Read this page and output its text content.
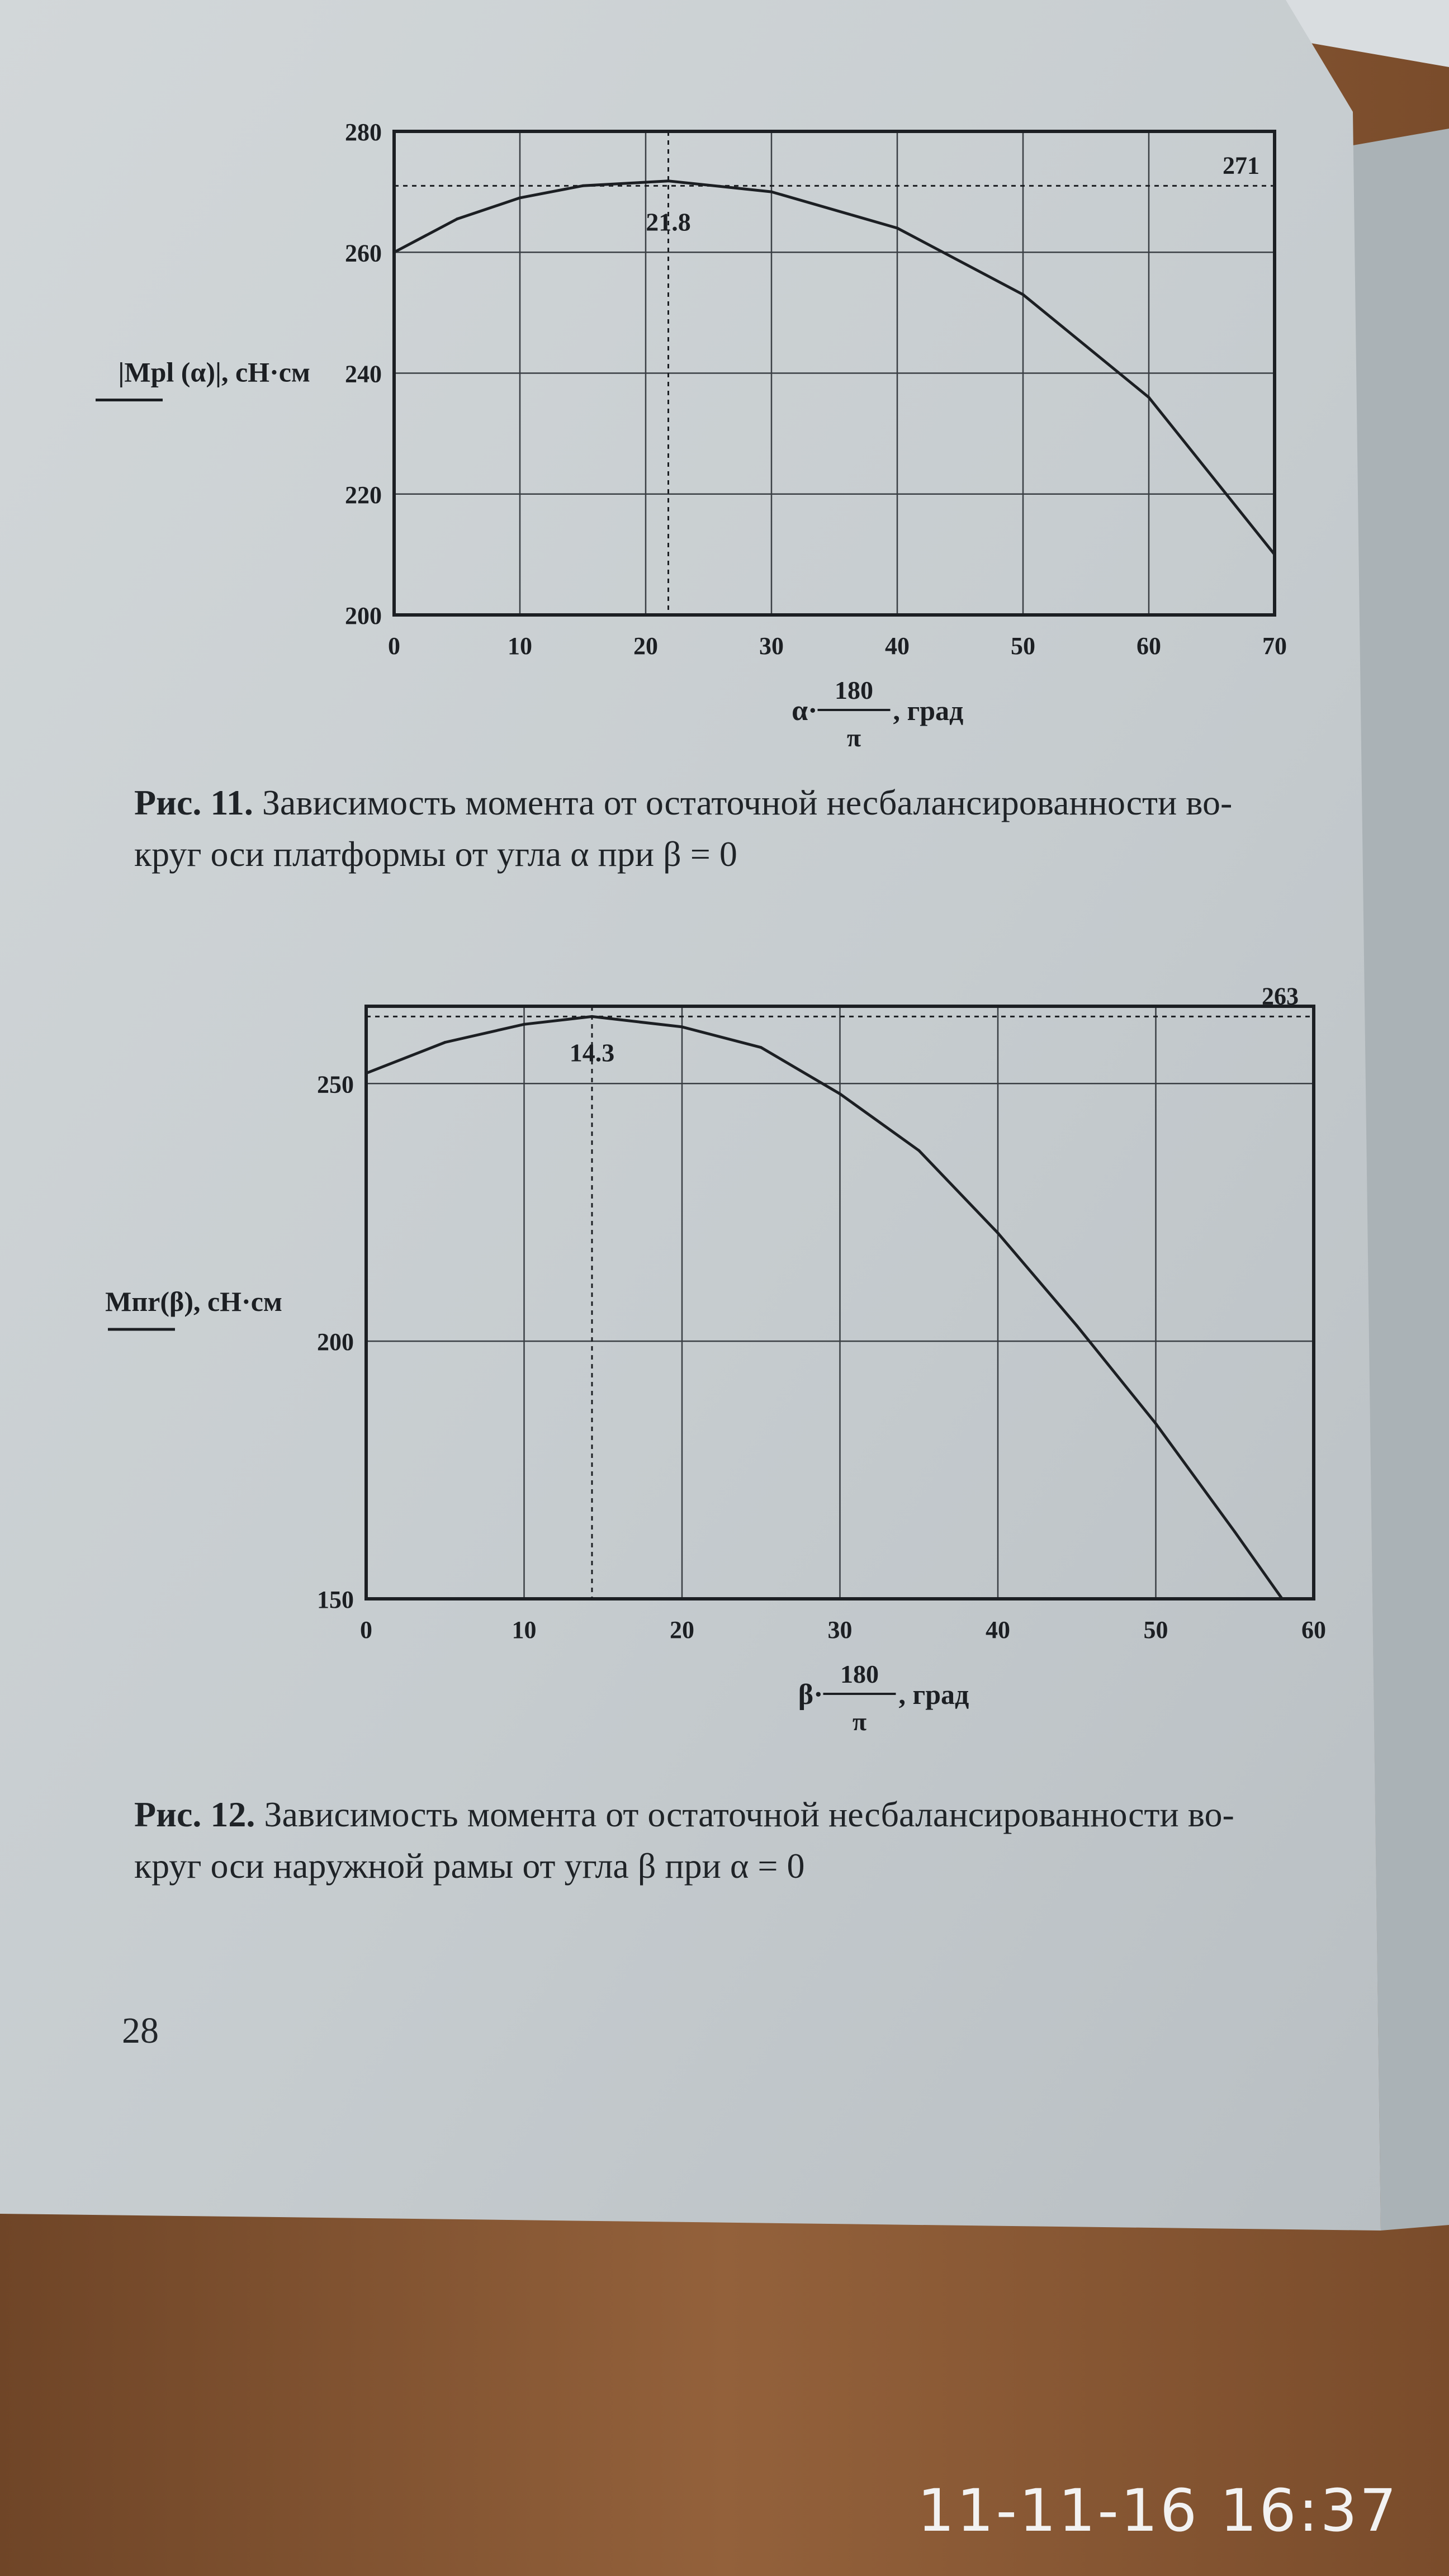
0	10	20	30	40	50	60	70
200
220
240
260
280
21.8
271
|Mpl (α)|, cH·см
α·
180
π
, град
0	10	20	30	40	50	60
150
200
250
14.3
263
Mпr(β), cH·см
β·
180
π
, град
Рис. 11. Зависимость момента от остаточной несбалансированности во-
круг оси платформы от угла α при β = 0
Рис. 12. Зависимость момента от остаточной несбалансированности во-
круг оси наружной рамы от угла β при α = 0
28
11-11-16 16:37
